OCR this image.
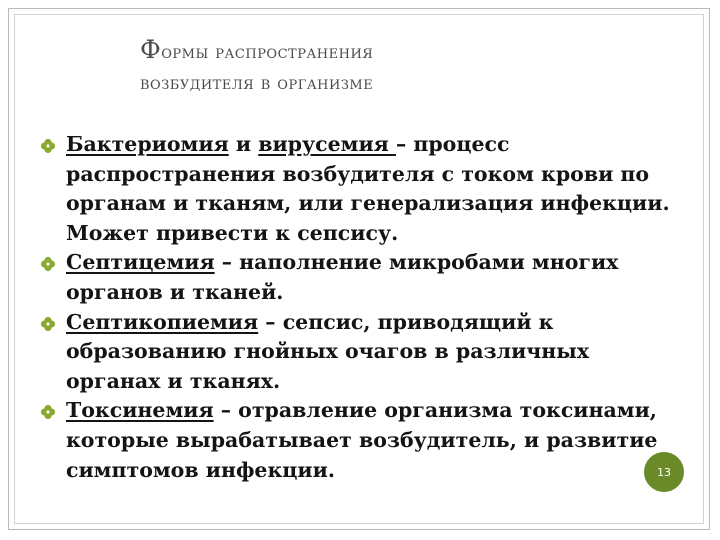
Формы распространения
возбудителя в организме
Бактериомия и вирусемия – процесс распространения возбудителя с током крови по органам и тканям, или генерализация инфекции. Может привести к сепсису.
Септицемия – наполнение микробами многих органов и тканей.
Септикопиемия – сепсис, приводящий к образованию гнойных очагов в различных органах и тканях.
Токсинемия – отравление организма токсинами, которые вырабатывает возбудитель, и развитие симптомов инфекции.	13
